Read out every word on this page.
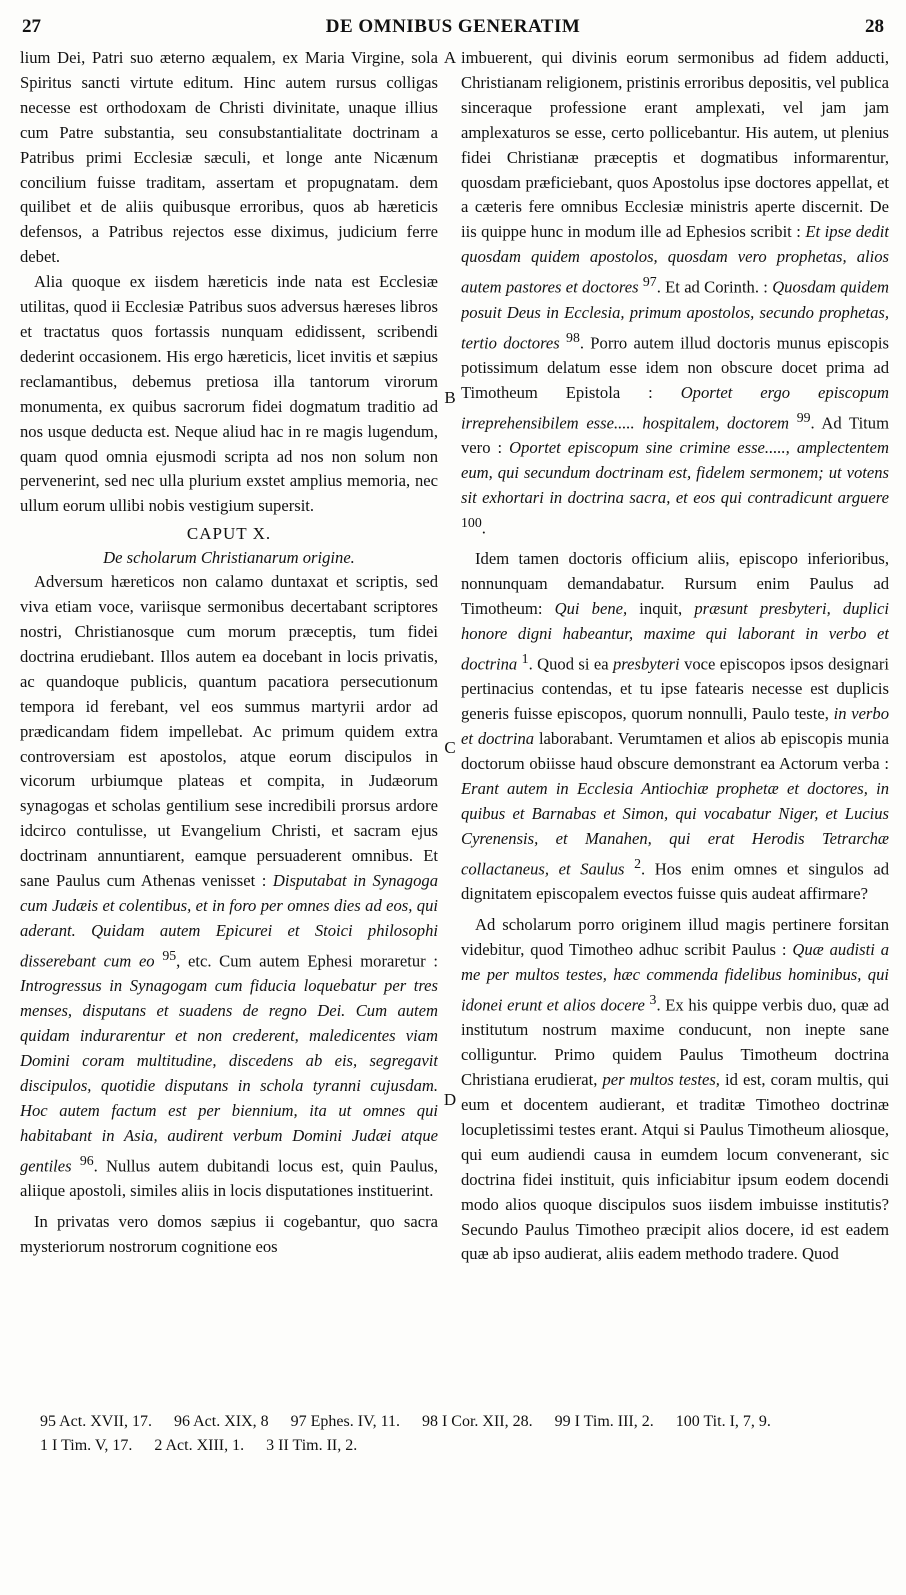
27	DE OMNIBUS GENERATIM	28

lium Dei, Patri suo æterno æqualem, ex Maria Virgine, sola Spiritus sancti virtute editum. Hinc autem rursus colligas necesse est orthodoxam de Christi divinitate, unaque illius cum Patre substantia, seu consubstantialitate doctrinam a Patribus primi Ecclesiæ sæculi, et longe ante Nicænum concilium fuisse traditam, assertam et propugnatam. dem quilibet et de aliis quibusque erroribus, quos ab hæreticis defensos, a Patribus rejectos esse diximus, judicium ferre debet.

Alia quoque ex iisdem hæreticis inde nata est Ecclesiæ utilitas, quod ii Ecclesiæ Patribus suos adversus hæreses libros et tractatus quos fortassis nunquam edidissent, scribendi dederint occasionem. His ergo hæreticis, licet invitis et sæpius reclamantibus, debemus pretiosa illa tantorum virorum monumenta, ex quibus sacrorum fidei dogmatum traditio ad nos usque deducta est. Neque aliud hac in re magis lugendum, quam quod omnia ejusmodi scripta ad nos non solum non pervenerint, sed nec ulla plurium exstet amplius memoria, nec ullum eorum ullibi nobis vestigium supersit.

CAPUT X.
De scholarum Christianarum origine.

Adversum hæreticos non calamo duntaxat et scriptis, sed viva etiam voce, variisque sermonibus decertabant scriptores nostri, Christianosque cum morum præceptis, tum fidei doctrina erudiebant. Illos autem ea docebant in locis privatis, ac quandoque publicis, quantum pacatiora persecutionum tempora id ferebant, vel eos summus martyrii ardor ad prædicandam fidem impellebat. Ac primum quidem extra controversiam est apostolos, atque eorum discipulos in vicorum urbiumque plateas et compita, in Judæorum synagogas et scholas gentilium sese incredibili prorsus ardore idcirco contulisse, ut Evangelium Christi, et sacram ejus doctrinam annuntiarent, eamque persuaderent omnibus. Et sane Paulus cum Athenas venisset : Disputabat in Synagoga cum Judæis et colentibus, et in foro per omnes dies ad eos, qui aderant. Quidam autem Epicurei et Stoici philosophi disserebant cum eo $^{95}$, etc. Cum autem Ephesi moraretur : Introgressus in Synagogam cum fiducia loquebatur per tres menses, disputans et suadens de regno Dei. Cum autem quidam indurarentur et non crederent, maledicentes viam Domini coram multitudine, discedens ab eis, segregavit discipulos, quotidie disputans in schola tyranni cujusdam. Hoc autem factum est per biennium, ita ut omnes qui habitabant in Asia, audirent verbum Domini Judæi atque gentiles $^{96}$. Nullus autem dubitandi locus est, quin Paulus, aliique apostoli, similes aliis in locis disputationes instituerint.

In privatas vero domos sæpius ii cogebantur, quo sacra mysteriorum nostrorum cognitione eos

A
B
C
D

imbuerent, qui divinis eorum sermonibus ad fidem adducti, Christianam religionem, pristinis erroribus depositis, vel publica sinceraque professione erant amplexati, vel jam jam amplexaturos se esse, certo pollicebantur. His autem, ut plenius fidei Christianæ præceptis et dogmatibus informarentur, quosdam præficiebant, quos Apostolus ipse doctores appellat, et a cæteris fere omnibus Ecclesiæ ministris aperte discernit. De iis quippe hunc in modum ille ad Ephesios scribit : Et ipse dedit quosdam quidem apostolos, quosdam vero prophetas, alios autem pastores et doctores $^{97}$. Et ad Corinth. : Quosdam quidem posuit Deus in Ecclesia, primum apostolos, secundo prophetas, tertio doctores $^{98}$. Porro autem illud doctoris munus episcopis potissimum delatum esse idem non obscure docet prima ad Timotheum Epistola : Oportet ergo episcopum irreprehensibilem esse..... hospitalem, doctorem $^{99}$. Ad Titum vero : Oportet episcopum sine crimine esse....., amplectentem eum, qui secundum doctrinam est, fidelem sermonem; ut votens sit exhortari in doctrina sacra, et eos qui contradicunt arguere $^{100}$.

Idem tamen doctoris officium aliis, episcopo inferioribus, nonnunquam demandabatur. Rursum enim Paulus ad Timotheum: Qui bene, inquit, præsunt presbyteri, duplici honore digni habeantur, maxime qui laborant in verbo et doctrina $^1$. Quod si ea presbyteri voce episcopos ipsos designari pertinacius contendas, et tu ipse fatearis necesse est duplicis generis fuisse episcopos, quorum nonnulli, Paulo teste, in verbo et doctrina laborabant. Verumtamen et alios ab episcopis munia doctorum obiisse haud obscure demonstrant ea Actorum verba : Erant autem in Ecclesia Antiochiæ prophetæ et doctores, in quibus et Barnabas et Simon, qui vocabatur Niger, et Lucius Cyrenensis, et Manahen, qui erat Herodis Tetrarchæ collactaneus, et Saulus $^2$. Hos enim omnes et singulos ad dignitatem episcopalem evectos fuisse quis audeat affirmare?

Ad scholarum porro originem illud magis pertinere forsitan videbitur, quod Timotheo adhuc scribit Paulus : Quæ audisti a me per multos testes, hæc commenda fidelibus hominibus, qui idonei erunt et alios docere $^3$. Ex his quippe verbis duo, quæ ad institutum nostrum maxime conducunt, non inepte sane colliguntur. Primo quidem Paulus Timotheum doctrina Christiana erudierat, per multos testes, id est, coram multis, qui eum et docentem audierant, et traditæ Timotheo doctrinæ locupletissimi testes erant. Atqui si Paulus Timotheum aliosque, qui eum audiendi causa in eumdem locum convenerant, sic doctrina fidei instituit, quis inficiabitur ipsum eodem docendi modo alios quoque discipulos suos iisdem imbuisse institutis? Secundo Paulus Timotheo præcipit alios docere, id est eadem quæ ab ipso audierat, aliis eadem methodo tradere. Quod

95 Act. XVII, 17. 96 Act. XIX, 8 97 Ephes. IV, 11. 98 I Cor. XII, 28. 99 I Tim. III, 2. 100 Tit. I, 7, 9.
1 I Tim. V, 17. 2 Act. XIII, 1. 3 II Tim. II, 2.
